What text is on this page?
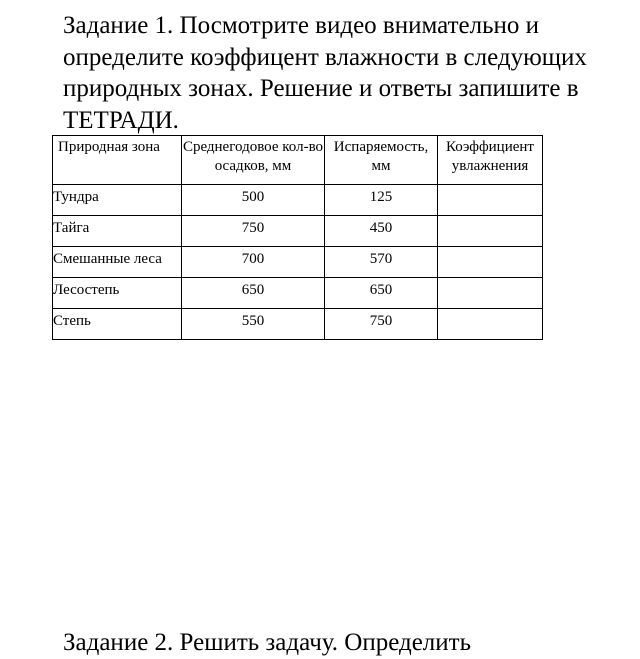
Задание 1. Посмотрите видео внимательно и определите коэффицент влажности в следующих природных зонах. Решение и ответы запишите в ТЕТРАДИ.

Природная зона	Среднегодовое кол-во осадков, мм	Испаряемость, мм	Коэффициент увлажнения
Тундра	500	125	
Тайга	750	450	
Смешанные леса	700	570	
Лесостепь	650	650	
Степь	550	750	

Задание 2. Решить задачу. Определить
